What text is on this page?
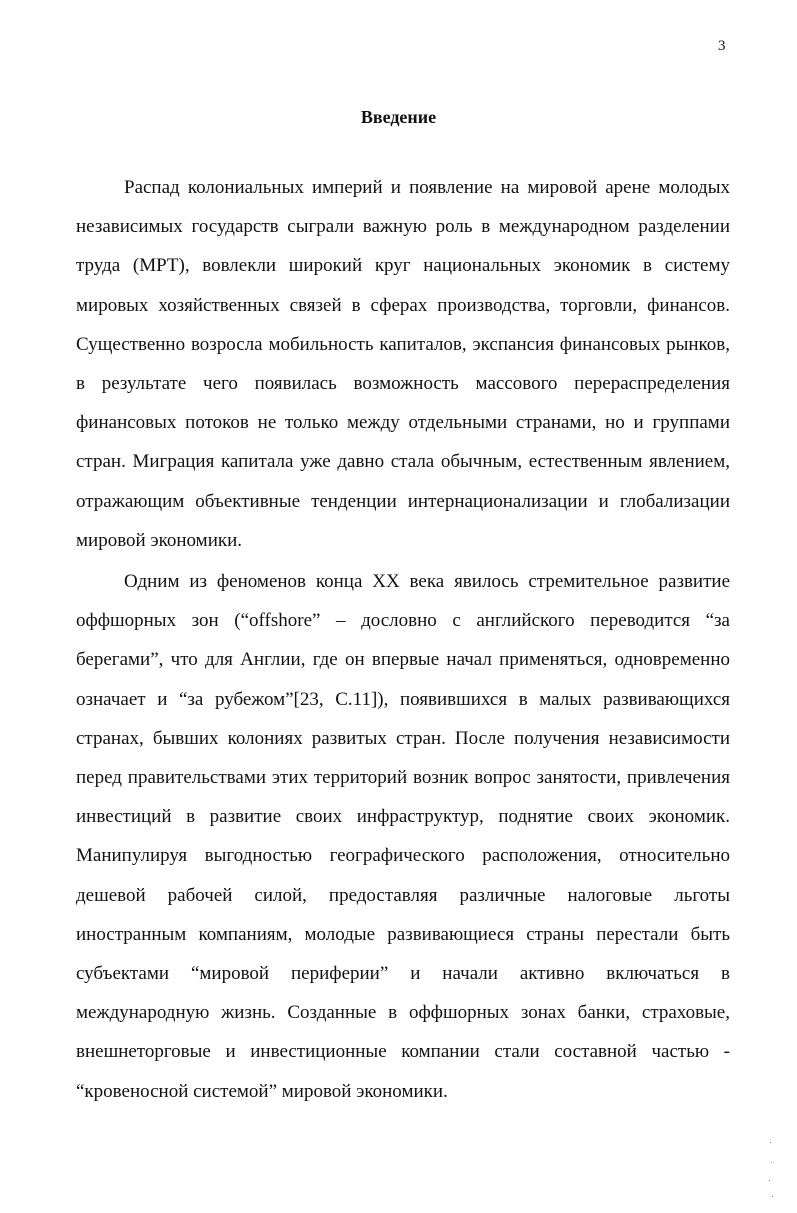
3
Введение

Распад колониальных империй и появление на мировой арене молодых независимых государств сыграли важную роль в международном разделении труда (МРТ), вовлекли широкий круг национальных экономик в систему мировых хозяйственных связей в сферах производства, торговли, финансов. Существенно возросла мобильность капиталов, экспансия финансовых рынков, в результате чего появилась возможность массового перераспределения финансовых потоков не только между отдельными странами, но и группами стран. Миграция капитала уже давно стала обычным, естественным явлением, отражающим объективные тенденции интернационализации и глобализации мировой экономики.

Одним из феноменов конца XX века явилось стремительное развитие оффшорных зон (“offshore” – дословно с английского переводится “за берегами”, что для Англии, где он впервые начал применяться, одновременно означает и “за рубежом”[23, С.11]), появившихся в малых развивающихся странах, бывших колониях развитых стран. После получения независимости перед правительствами этих территорий возник вопрос занятости, привлечения инвестиций в развитие своих инфраструктур, поднятие своих экономик. Манипулируя выгодностью географического расположения, относительно дешевой рабочей силой, предоставляя различные налоговые льготы иностранным компаниям, молодые развивающиеся страны перестали быть субъектами “мировой периферии” и начали активно включаться в международную жизнь. Созданные в оффшорных зонах банки, страховые, внешнеторговые и инвестиционные компании стали составной частью - “кровеносной системой” мировой экономики.
